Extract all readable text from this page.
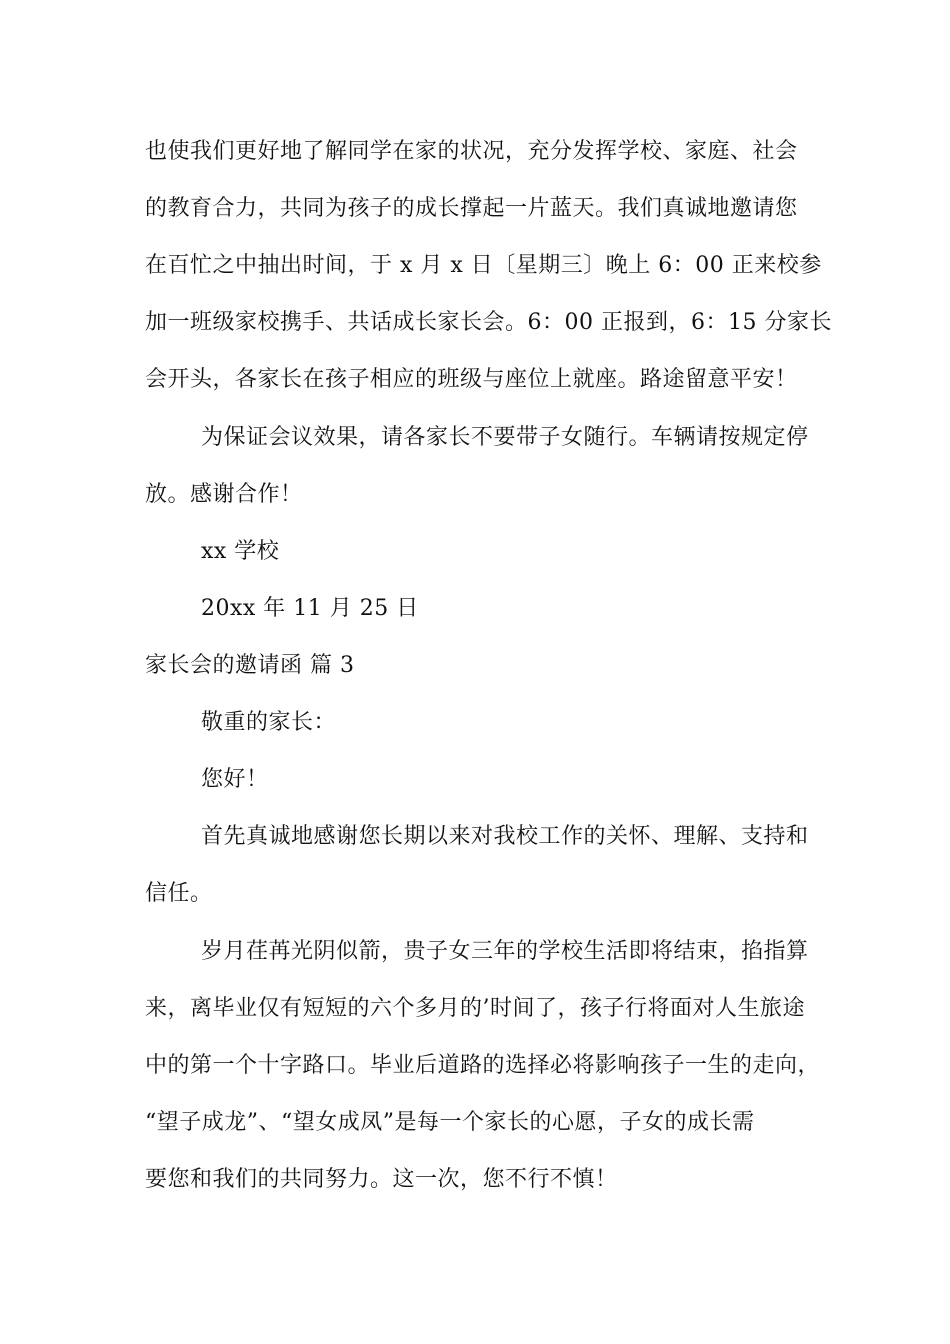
也使我们更好地了解同学在家的状况，充分发挥学校、家庭、社会
的教育合力，共同为孩子的成长撑起一片蓝天。我们真诚地邀请您
在百忙之中抽出时间，于 x 月 x 日〔星期三〕晚上 6：00 正来校参
加一班级家校携手、共话成长家长会。6：00 正报到，6：15 分家长
会开头，各家长在孩子相应的班级与座位上就座。路途留意平安！
为保证会议效果，请各家长不要带子女随行。车辆请按规定停
放。感谢合作！
xx 学校
20xx 年 11 月 25 日
家长会的邀请函 篇 3
敬重的家长：
您好！
首先真诚地感谢您长期以来对我校工作的关怀、理解、支持和
信任。
岁月荏苒光阴似箭，贵子女三年的学校生活即将结束，掐指算
来，离毕业仅有短短的六个多月的’时间了，孩子行将面对人生旅途
中的第一个十字路口。毕业后道路的选择必将影响孩子一生的走向，
“望子成龙”、“望女成凤”是每一个家长的心愿，子女的成长需
要您和我们的共同努力。这一次，您不行不慎！
